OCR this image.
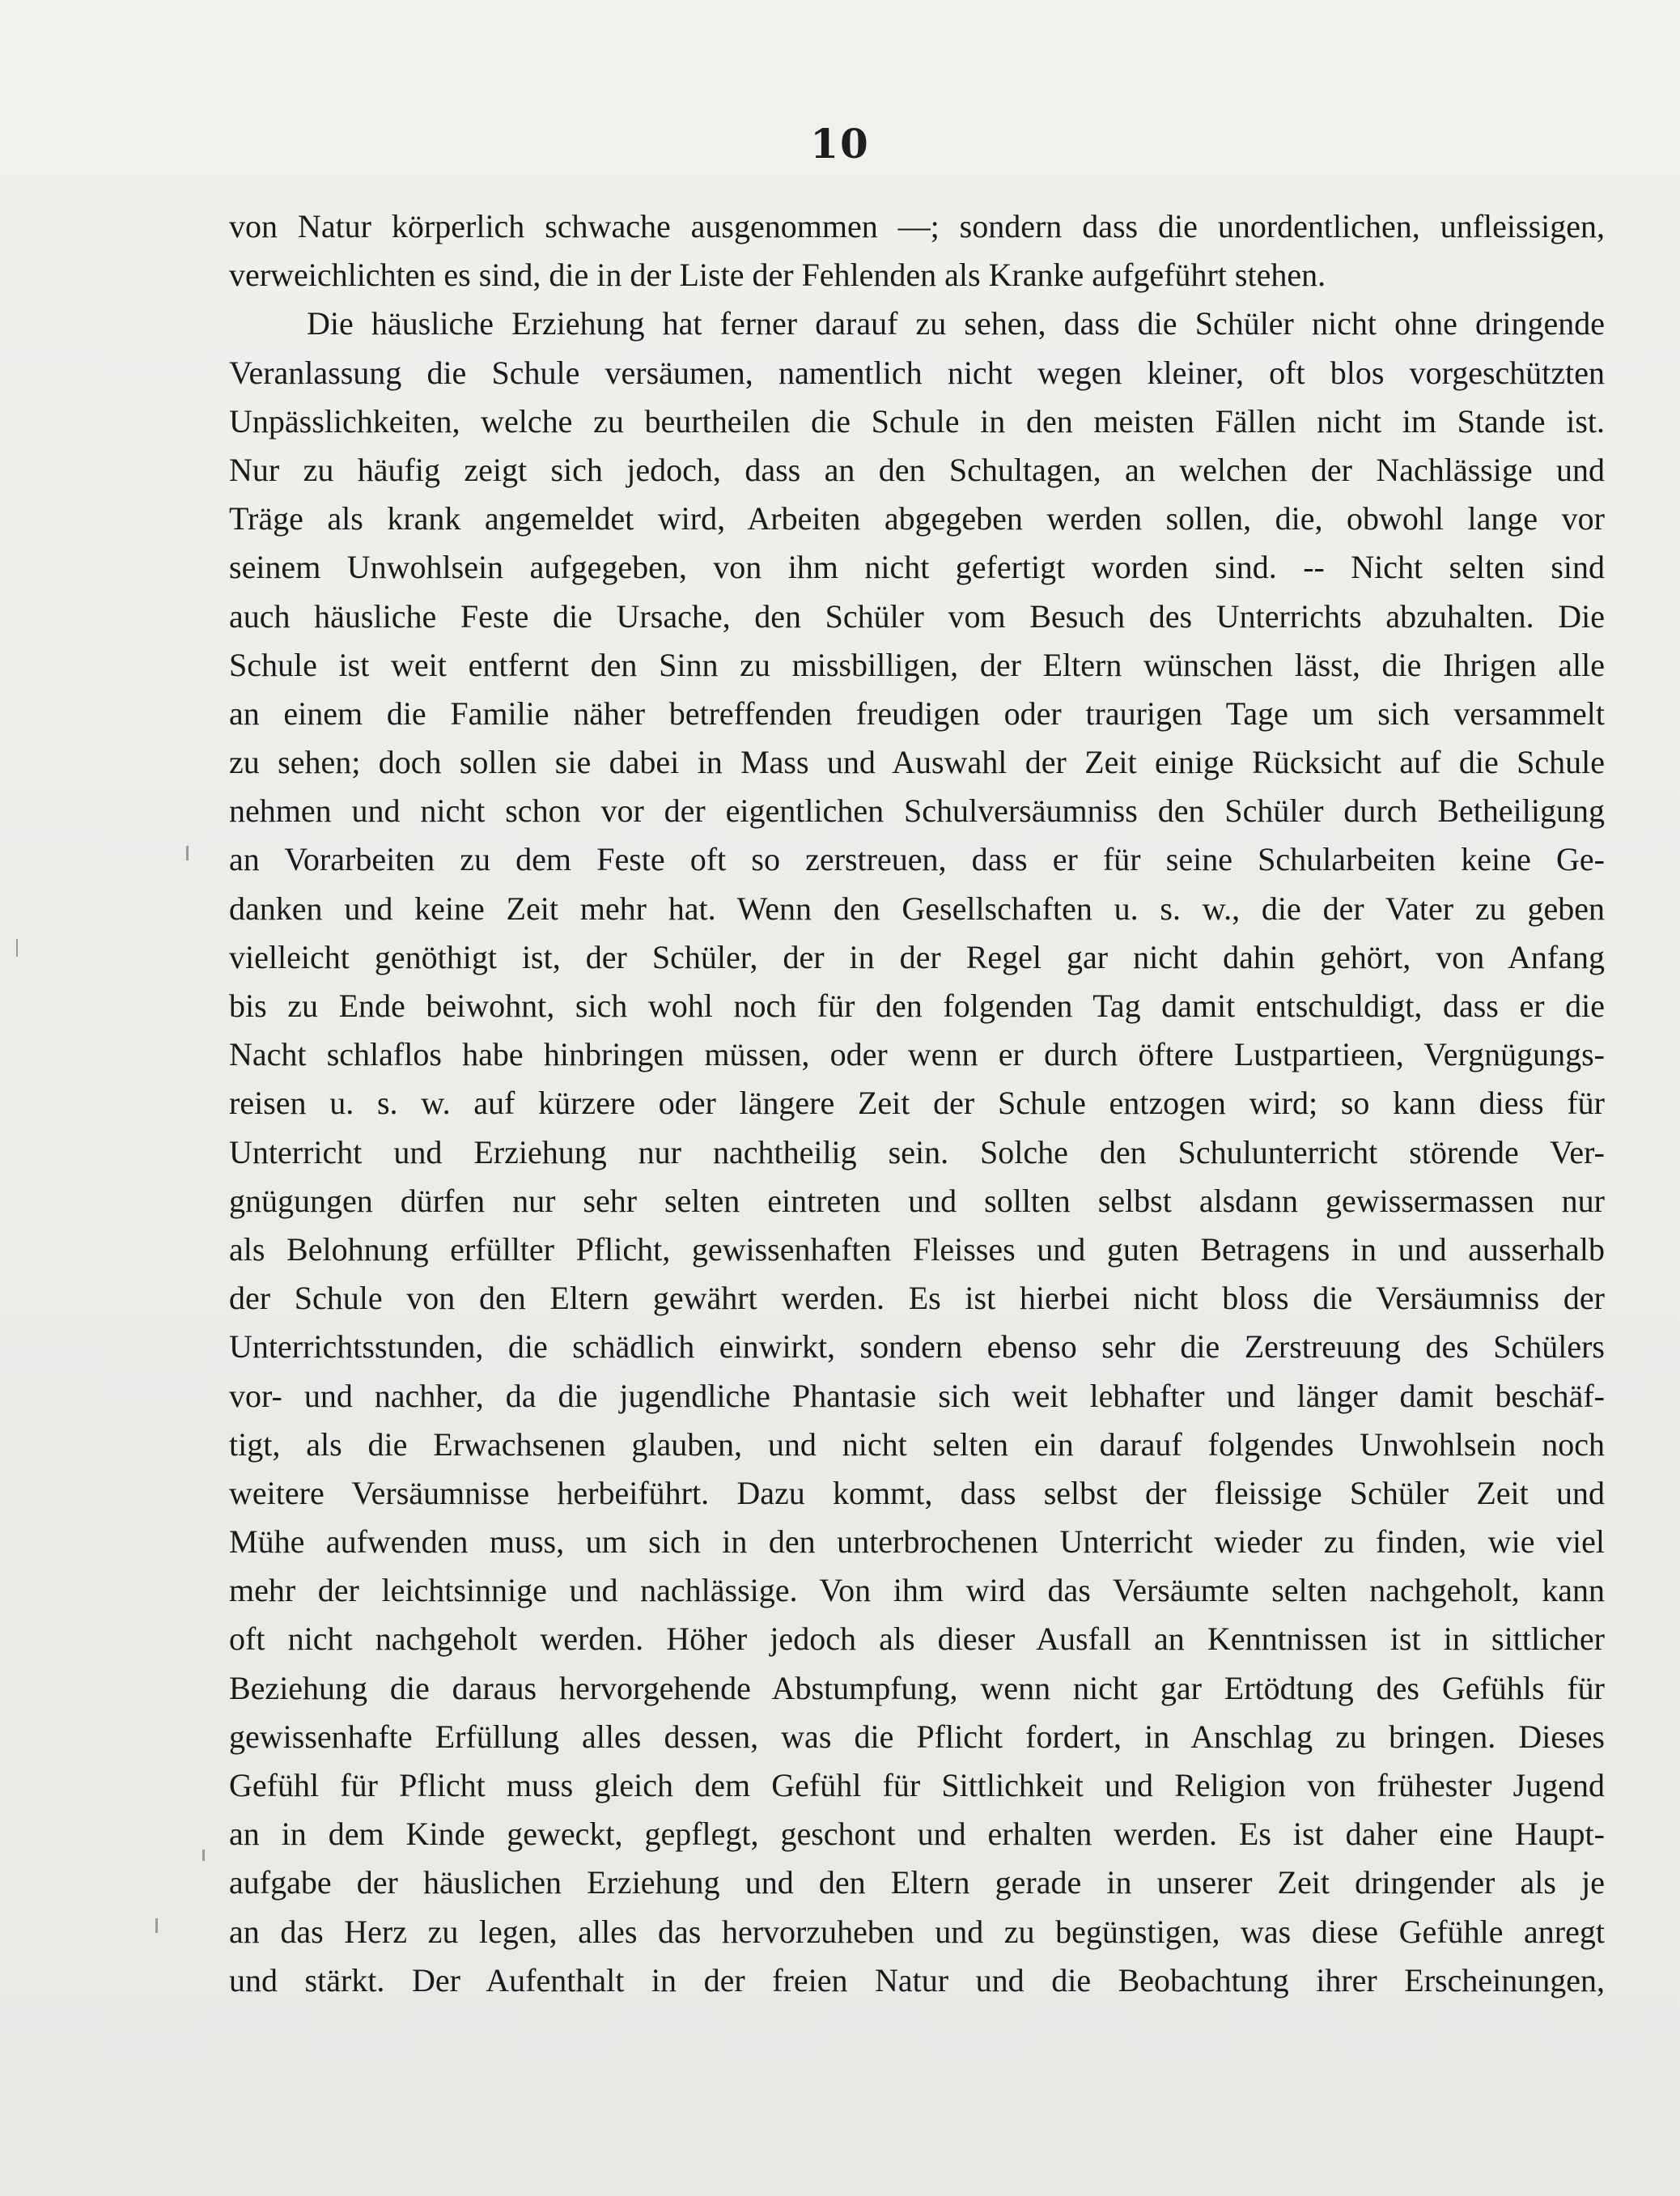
10
von Natur körperlich schwache ausgenommen —; sondern dass die unordentlichen, unfleissigen,
verweichlichten es sind, die in der Liste der Fehlenden als Kranke aufgeführt stehen.
Die häusliche Erziehung hat ferner darauf zu sehen, dass die Schüler nicht ohne dringende
Veranlassung die Schule versäumen, namentlich nicht wegen kleiner, oft blos vorgeschützten
Unpässlichkeiten, welche zu beurtheilen die Schule in den meisten Fällen nicht im Stande ist.
Nur zu häufig zeigt sich jedoch, dass an den Schultagen, an welchen der Nachlässige und
Träge als krank angemeldet wird, Arbeiten abgegeben werden sollen, die, obwohl lange vor
seinem Unwohlsein aufgegeben, von ihm nicht gefertigt worden sind. -- Nicht selten sind
auch häusliche Feste die Ursache, den Schüler vom Besuch des Unterrichts abzuhalten. Die
Schule ist weit entfernt den Sinn zu missbilligen, der Eltern wünschen lässt, die Ihrigen alle
an einem die Familie näher betreffenden freudigen oder traurigen Tage um sich versammelt
zu sehen; doch sollen sie dabei in Mass und Auswahl der Zeit einige Rücksicht auf die Schule
nehmen und nicht schon vor der eigentlichen Schulversäumniss den Schüler durch Betheiligung
an Vorarbeiten zu dem Feste oft so zerstreuen, dass er für seine Schularbeiten keine Ge-
danken und keine Zeit mehr hat. Wenn den Gesellschaften u. s. w., die der Vater zu geben
vielleicht genöthigt ist, der Schüler, der in der Regel gar nicht dahin gehört, von Anfang
bis zu Ende beiwohnt, sich wohl noch für den folgenden Tag damit entschuldigt, dass er die
Nacht schlaflos habe hinbringen müssen, oder wenn er durch öftere Lustpartieen, Vergnügungs-
reisen u. s. w. auf kürzere oder längere Zeit der Schule entzogen wird; so kann diess für
Unterricht und Erziehung nur nachtheilig sein. Solche den Schulunterricht störende Ver-
gnügungen dürfen nur sehr selten eintreten und sollten selbst alsdann gewissermassen nur
als Belohnung erfüllter Pflicht, gewissenhaften Fleisses und guten Betragens in und ausserhalb
der Schule von den Eltern gewährt werden. Es ist hierbei nicht bloss die Versäumniss der
Unterrichtsstunden, die schädlich einwirkt, sondern ebenso sehr die Zerstreuung des Schülers
vor- und nachher, da die jugendliche Phantasie sich weit lebhafter und länger damit beschäf-
tigt, als die Erwachsenen glauben, und nicht selten ein darauf folgendes Unwohlsein noch
weitere Versäumnisse herbeiführt. Dazu kommt, dass selbst der fleissige Schüler Zeit und
Mühe aufwenden muss, um sich in den unterbrochenen Unterricht wieder zu finden, wie viel
mehr der leichtsinnige und nachlässige. Von ihm wird das Versäumte selten nachgeholt, kann
oft nicht nachgeholt werden. Höher jedoch als dieser Ausfall an Kenntnissen ist in sittlicher
Beziehung die daraus hervorgehende Abstumpfung, wenn nicht gar Ertödtung des Gefühls für
gewissenhafte Erfüllung alles dessen, was die Pflicht fordert, in Anschlag zu bringen. Dieses
Gefühl für Pflicht muss gleich dem Gefühl für Sittlichkeit und Religion von frühester Jugend
an in dem Kinde geweckt, gepflegt, geschont und erhalten werden. Es ist daher eine Haupt-
aufgabe der häuslichen Erziehung und den Eltern gerade in unserer Zeit dringender als je
an das Herz zu legen, alles das hervorzuheben und zu begünstigen, was diese Gefühle anregt
und stärkt. Der Aufenthalt in der freien Natur und die Beobachtung ihrer Erscheinungen,
